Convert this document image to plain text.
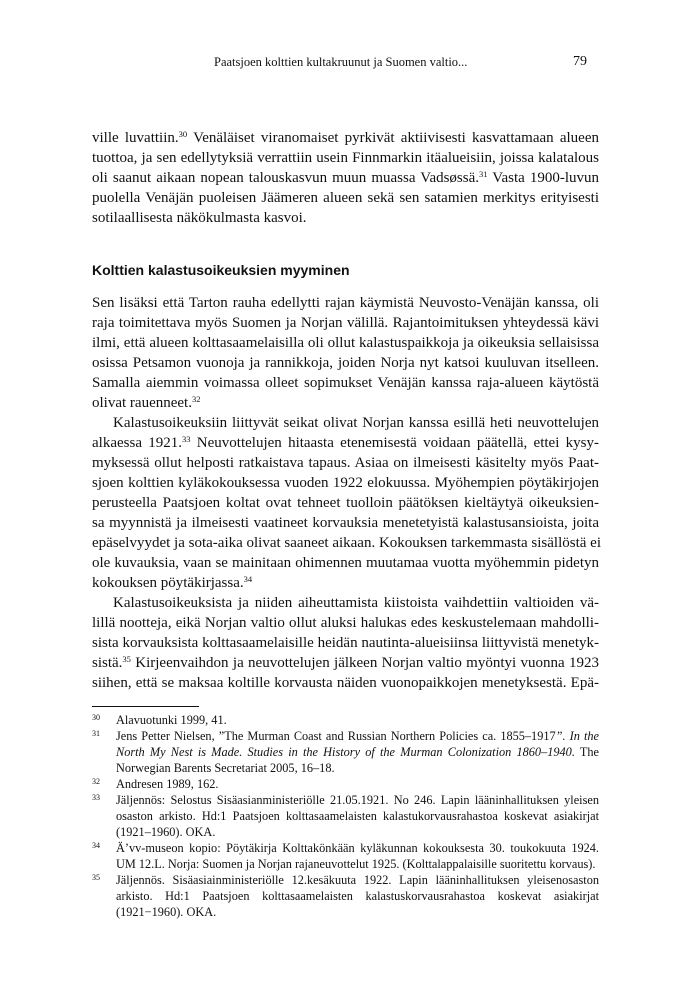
Paatsjoen kolttien kultakruunut ja Suomen valtio...	79
ville luvattiin.$^{30}$ Venäläiset viranomaiset pyrkivät aktiivisesti kasvattamaan alueen
tuottoa, ja sen edellytyksiä verrattiin usein Finnmarkin itäalueisiin, joissa kalatalous
oli saanut aikaan nopean talouskasvun muun muassa Vadsøssä.$^{31}$ Vasta 1900-luvun
puolella Venäjän puoleisen Jäämeren alueen sekä sen satamien merkitys erityisesti
sotilaallisesta näkökulmasta kasvoi.
Kolttien kalastusoikeuksien myyminen
Sen lisäksi että Tarton rauha edellytti rajan käymistä Neuvosto-Venäjän kanssa, oli
raja toimitettava myös Suomen ja Norjan välillä. Rajantoimituksen yhteydessä kävi
ilmi, että alueen kolttasaamelaisilla oli ollut kalastuspaikkoja ja oikeuksia sellaisissa
osissa Petsamon vuonoja ja rannikkoja, joiden Norja nyt katsoi kuuluvan itselleen.
Samalla aiemmin voimassa olleet sopimukset Venäjän kanssa raja-alueen käytöstä
olivat rauenneet.$^{32}$
Kalastusoikeuksiin liittyvät seikat olivat Norjan kanssa esillä heti neuvottelujen
alkaessa 1921.33 Neuvottelujen hitaasta etenemisestä voidaan päätellä, ettei kysy-
myksessä ollut helposti ratkaistava tapaus. Asiaa on ilmeisesti käsitelty myös Paat-
sjoen kolttien kyläkokouksessa vuoden 1922 elokuussa. Myöhempien pöytäkirjojen
perusteella Paatsjoen koltat ovat tehneet tuolloin päätöksen kieltäytyä oikeuksien-
sa myynnistä ja ilmeisesti vaatineet korvauksia menetetyistä kalastusansioista, joita
epäselvyydet ja sota-aika olivat saaneet aikaan. Kokouksen tarkemmasta sisällöstä ei
ole kuvauksia, vaan se mainitaan ohimennen muutamaa vuotta myöhemmin pidetyn
kokouksen pöytäkirjassa.$^{34}$
Kalastusoikeuksista ja niiden aiheuttamista kiistoista vaihdettiin valtioiden vä-
lillä nootteja, eikä Norjan valtio ollut aluksi halukas edes keskustelemaan mahdolli-
sista korvauksista kolttasaamelaisille heidän nautinta-alueisiinsa liittyvistä menetyk-
sistä.$^{35}$ Kirjeenvaihdon ja neuvottelujen jälkeen Norjan valtio myöntyi vuonna 1923
siihen, että se maksaa koltille korvausta näiden vuonopaikkojen menetyksestä. Epä-
30	Alavuotunki 1999, 41.
31	Jens Petter Nielsen, ”The Murman Coast and Russian Northern Policies ca. 1855–1917”. In the
North My Nest is Made. Studies in the History of the Murman Colonization 1860–1940. The
Norwegian Barents Secretariat 2005, 16–18.
32	Andresen 1989, 162.
33	Jäljennös: Selostus Sisäasianministeriölle 21.05.1921. No 246. Lapin lääninhallituksen yleisen
osaston arkisto. Hd:1 Paatsjoen kolttasaamelaisten kalastukorvausrahastoa koskevat asiakirjat
(1921–1960). OKA.
34	Ä’vv-museon kopio: Pöytäkirja Kolttakönkään kyläkunnan kokouksesta 30. toukokuuta 1924.
UM 12.L. Norja: Suomen ja Norjan rajaneuvottelut 1925. (Kolttalappalaisille suoritettu korvaus).
35	Jäljennös. Sisäasiainministeriölle 12.kesäkuuta 1922. Lapin lääninhallituksen yleisenosaston
arkisto. Hd:1 Paatsjoen kolttasaamelaisten kalastuskorvausrahastoa koskevat asiakirjat
(1921−1960). OKA.
